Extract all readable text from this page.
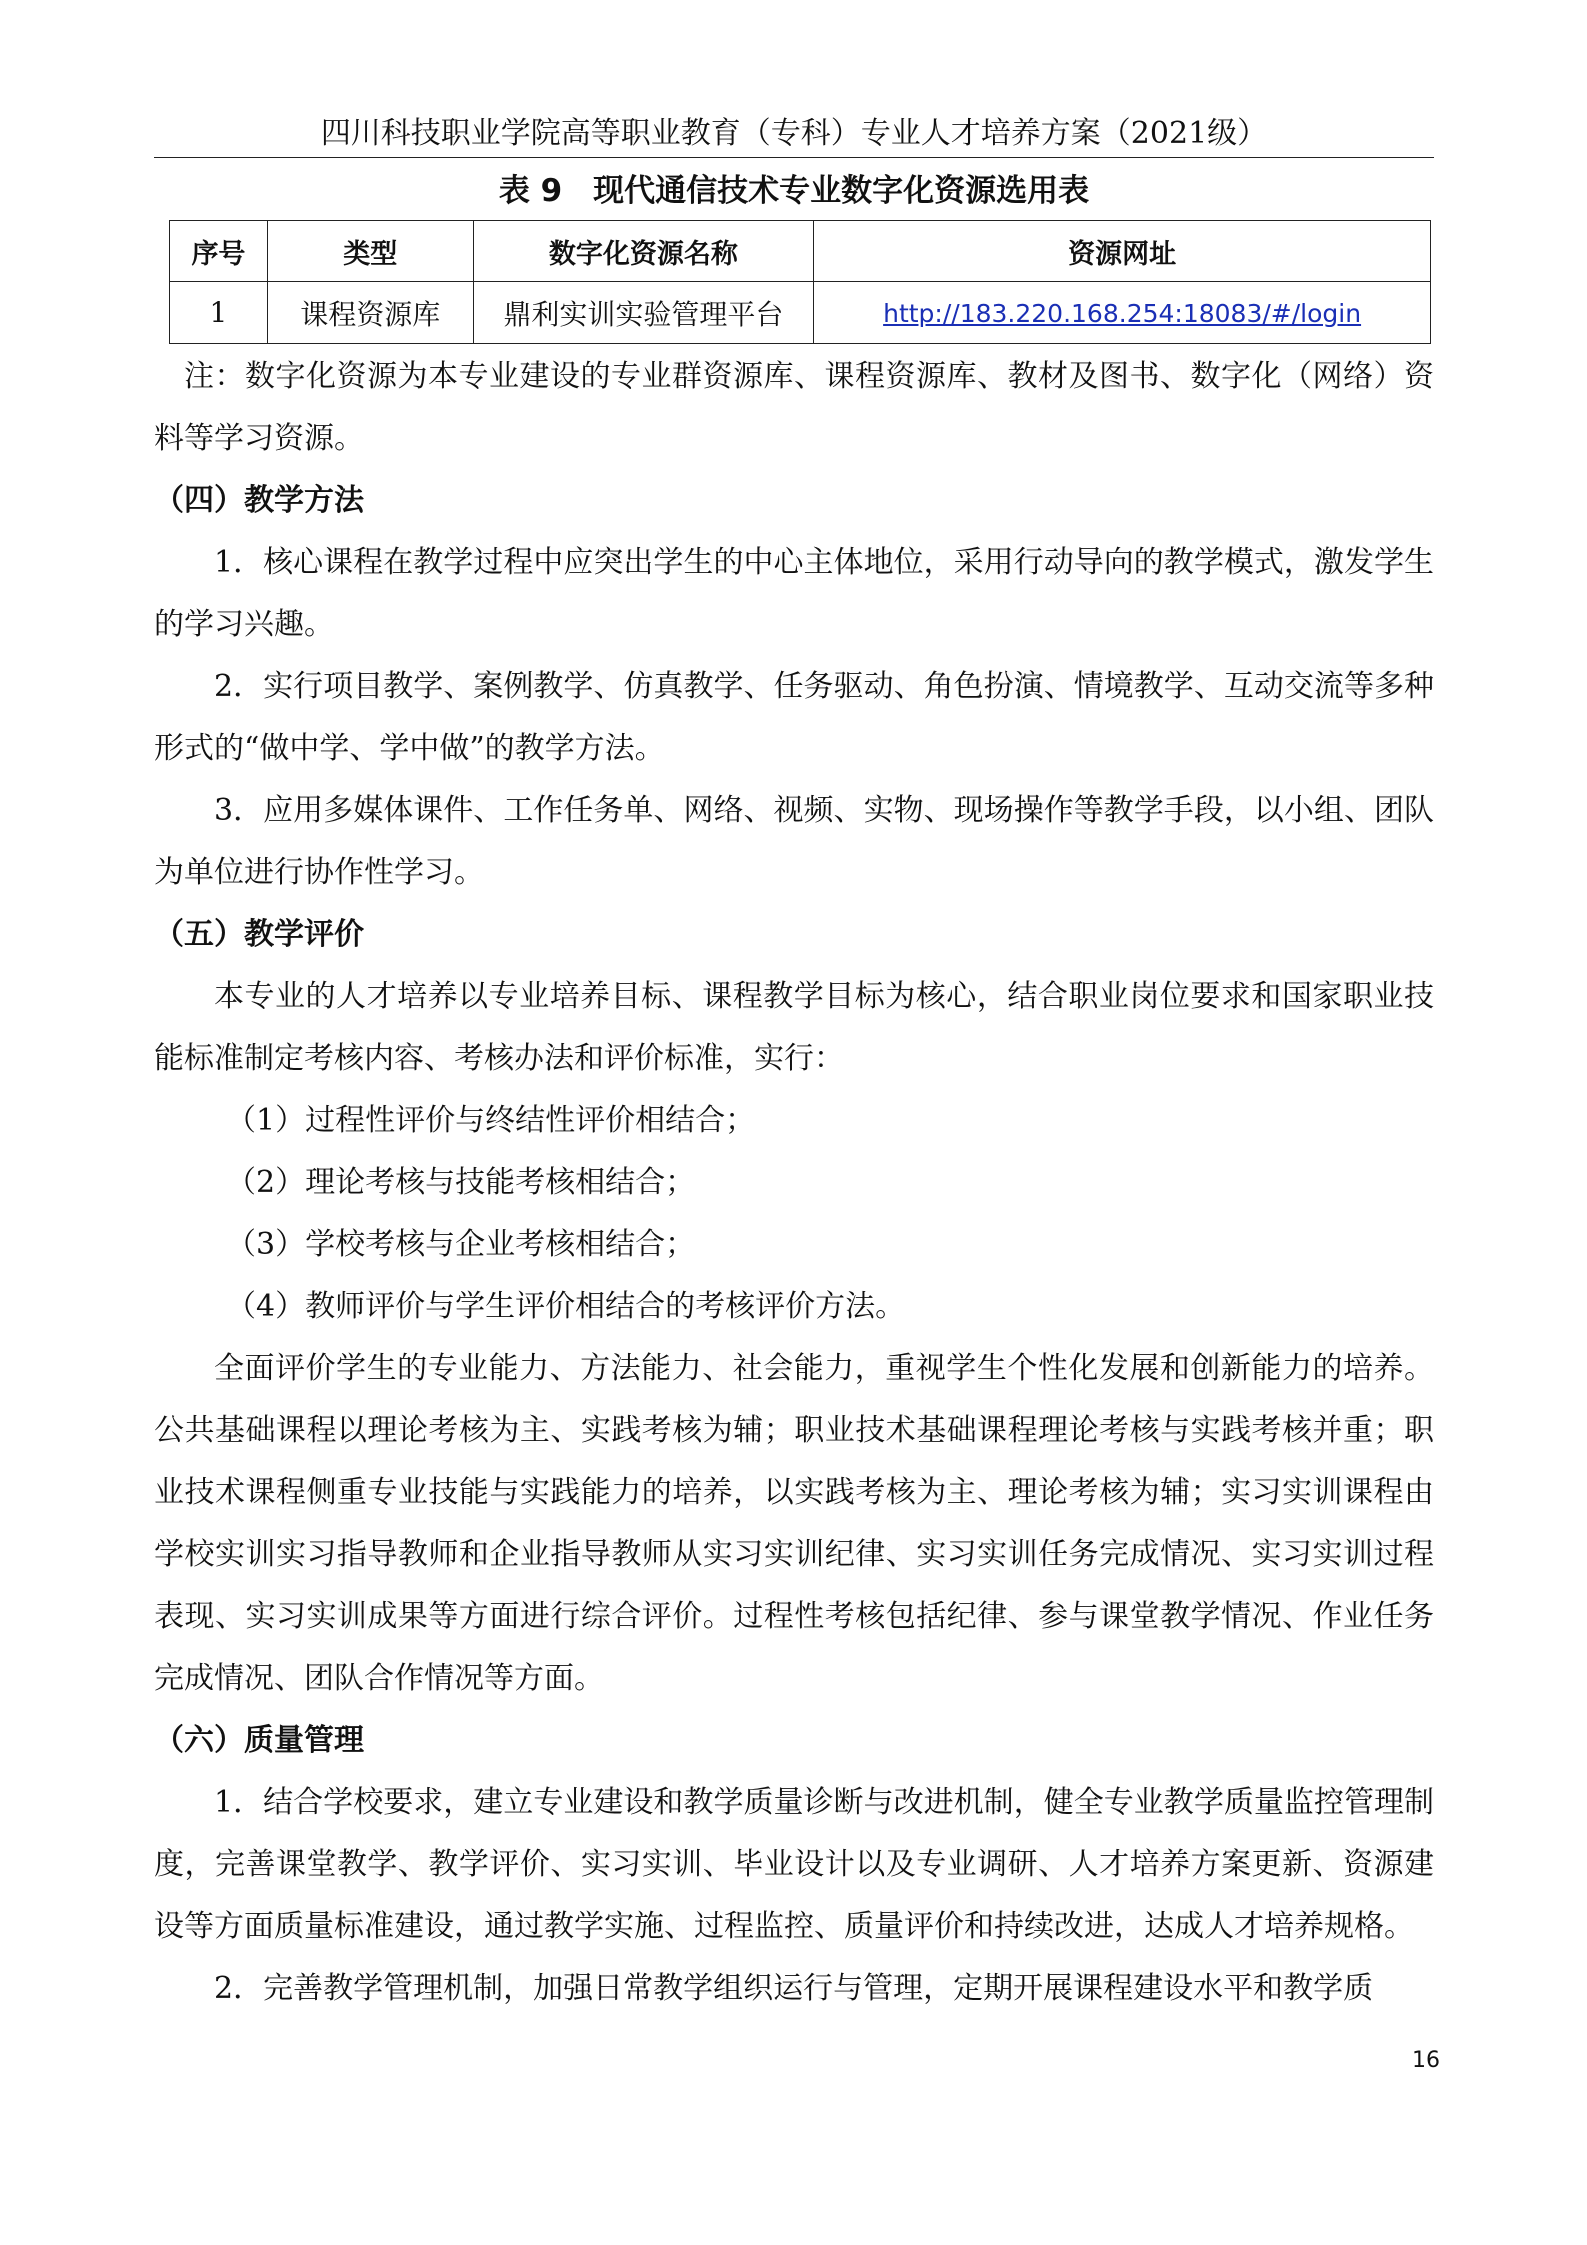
四川科技职业学院高等职业教育（专科）专业人才培养方案（2021级）
表 9　现代通信技术专业数字化资源选用表
序号	类型	数字化资源名称	资源网址
1	课程资源库	鼎利实训实验管理平台	http://183.220.168.254:18083/#/login

注：数字化资源为本专业建设的专业群资源库、课程资源库、教材及图书、数字化（网络）资料等学习资源。

（四）教学方法

1．核心课程在教学过程中应突出学生的中心主体地位，采用行动导向的教学模式，激发学生的学习兴趣。

2．实行项目教学、案例教学、仿真教学、任务驱动、角色扮演、情境教学、互动交流等多种形式的“做中学、学中做”的教学方法。

3．应用多媒体课件、工作任务单、网络、视频、实物、现场操作等教学手段，以小组、团队为单位进行协作性学习。

（五）教学评价

本专业的人才培养以专业培养目标、课程教学目标为核心，结合职业岗位要求和国家职业技能标准制定考核内容、考核办法和评价标准，实行：

（1）过程性评价与终结性评价相结合；

（2）理论考核与技能考核相结合；

（3）学校考核与企业考核相结合；

（4）教师评价与学生评价相结合的考核评价方法。

全面评价学生的专业能力、方法能力、社会能力，重视学生个性化发展和创新能力的培养。公共基础课程以理论考核为主、实践考核为辅；职业技术基础课程理论考核与实践考核并重；职业技术课程侧重专业技能与实践能力的培养，以实践考核为主、理论考核为辅；实习实训课程由学校实训实习指导教师和企业指导教师从实习实训纪律、实习实训任务完成情况、实习实训过程表现、实习实训成果等方面进行综合评价。过程性考核包括纪律、参与课堂教学情况、作业任务完成情况、团队合作情况等方面。

（六）质量管理

1．结合学校要求，建立专业建设和教学质量诊断与改进机制，健全专业教学质量监控管理制度，完善课堂教学、教学评价、实习实训、毕业设计以及专业调研、人才培养方案更新、资源建设等方面质量标准建设，通过教学实施、过程监控、质量评价和持续改进，达成人才培养规格。

2．完善教学管理机制，加强日常教学组织运行与管理，定期开展课程建设水平和教学质

16
